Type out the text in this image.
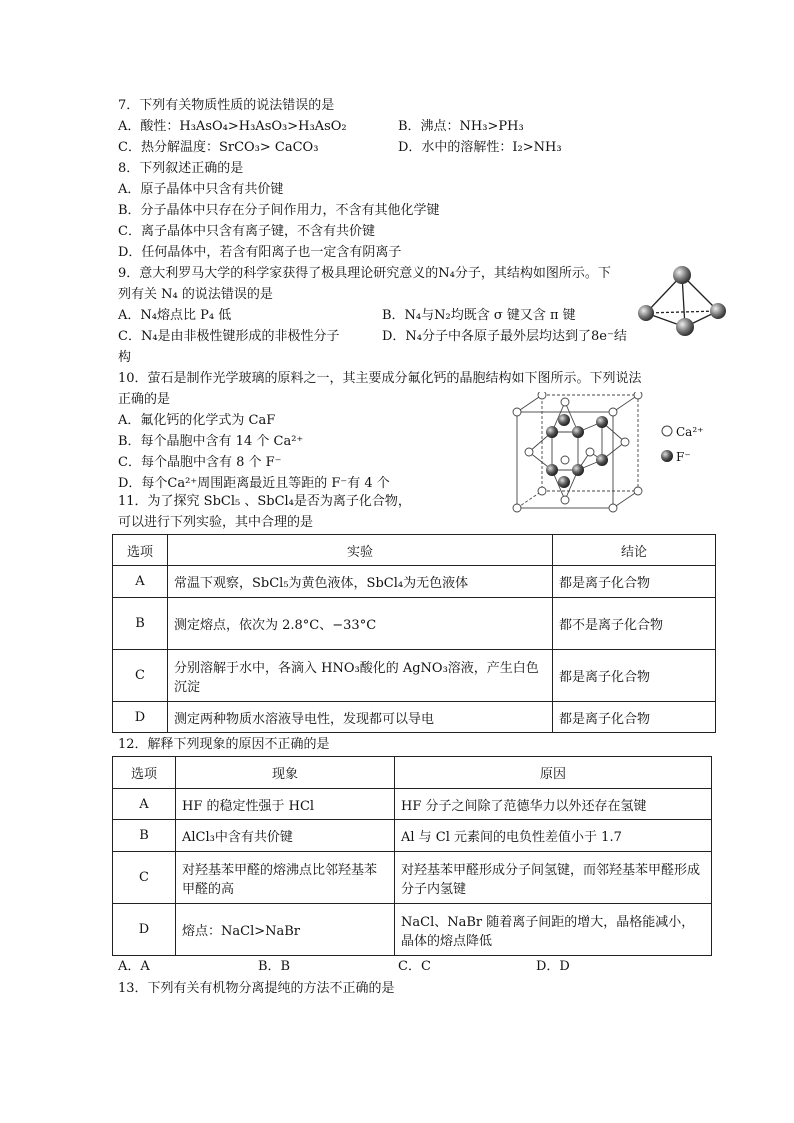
7．下列有关物质性质的说法错误的是
A．酸性：H₃AsO₄>H₃AsO₃>H₃AsO₂	B．沸点：NH₃>PH₃
C．热分解温度：SrCO₃> CaCO₃	D．水中的溶解性：I₂>NH₃
8．下列叙述正确的是
A．原子晶体中只含有共价键
B．分子晶体中只存在分子间作用力，不含有其他化学键
C．离子晶体中只含有离子键，不含有共价键
D．任何晶体中，若含有阳离子也一定含有阴离子
9．意大利罗马大学的科学家获得了极具理论研究意义的N₄分子，其结构如图所示。下
列有关 N₄ 的说法错误的是
A．N₄熔点比 P₄ 低	B．N₄与N₂均既含 σ 键又含 π 键
C．N₄是由非极性键形成的非极性分子	D．N₄分子中各原子最外层均达到了8e⁻结
构
10．萤石是制作光学玻璃的原料之一，其主要成分氟化钙的晶胞结构如下图所示。下列说法
正确的是
A．氟化钙的化学式为 CaF
B．每个晶胞中含有 14 个 Ca²⁺
C．每个晶胞中含有 8 个 F⁻
D．每个Ca²⁺周围距离最近且等距的 F⁻有 4 个
Ca²⁺
F⁻
11．为了探究 SbCl₅ 、SbCl₄是否为离子化合物，
可以进行下列实验，其中合理的是
选项	实验	结论
A	常温下观察，SbCl₅为黄色液体，SbCl₄为无色液体	都是离子化合物
B	测定熔点，依次为 2.8°C、−33°C	都不是离子化合物
C	分别溶解于水中，各滴入 HNO₃酸化的 AgNO₃溶液，产生白色沉淀	都是离子化合物
D	测定两种物质水溶液导电性，发现都可以导电	都是离子化合物
12．解释下列现象的原因不正确的是
选项	现象	原因
A	HF 的稳定性强于 HCl	HF 分子之间除了范德华力以外还存在氢键
B	AlCl₃中含有共价键	Al 与 Cl 元素间的电负性差值小于 1.7
C	对羟基苯甲醛的熔沸点比邻羟基苯甲醛的高	对羟基苯甲醛形成分子间氢键，而邻羟基苯甲醛形成分子内氢键
D	熔点：NaCl>NaBr	NaCl、NaBr 随着离子间距的增大，晶格能减小，晶体的熔点降低
A．A	B．B	C．C	D．D
13．下列有关有机物分离提纯的方法不正确的是
